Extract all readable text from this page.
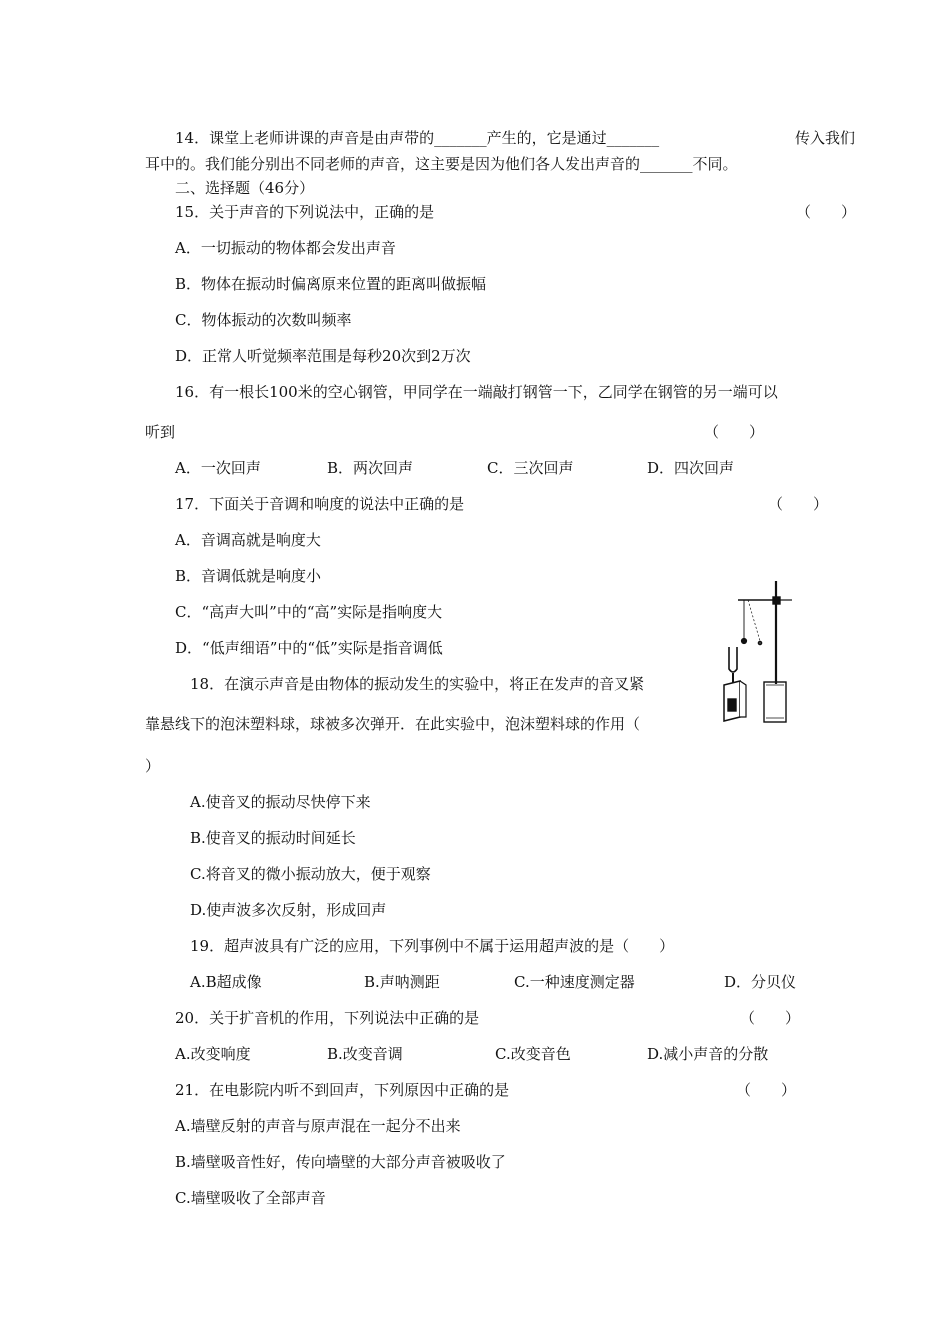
14．课堂上老师讲课的声音是由声带的_______产生的，它是通过_______	传入我们
耳中的。我们能分别出不同老师的声音，这主要是因为他们各人发出声音的_______不同。
二、选择题（46分）
15．关于声音的下列说法中，正确的是	（　　）
A．一切振动的物体都会发出声音
B．物体在振动时偏离原来位置的距离叫做振幅
C．物体振动的次数叫频率
D．正常人听觉频率范围是每秒20次到2万次
16．有一根长100米的空心钢管，甲同学在一端敲打钢管一下，乙同学在钢管的另一端可以
听到	（　　）
A．一次回声	B．两次回声	C．三次回声	D．四次回声
17．下面关于音调和响度的说法中正确的是	（　　）
A．音调高就是响度大
B．音调低就是响度小
C．“高声大叫”中的“高”实际是指响度大
D．“低声细语”中的“低”实际是指音调低
18．在演示声音是由物体的振动发生的实验中，将正在发声的音叉紧
靠悬线下的泡沫塑料球，球被多次弹开．在此实验中，泡沫塑料球的作用（
）
A.使音叉的振动尽快停下来
B.使音叉的振动时间延长
C.将音叉的微小振动放大，便于观察
D.使声波多次反射，形成回声
19．超声波具有广泛的应用，下列事例中不属于运用超声波的是（　　）
A.B超成像	B.声呐测距	C.一种速度测定器	D．分贝仪
20．关于扩音机的作用，下列说法中正确的是	（　　）
A.改变响度	B.改变音调	C.改变音色	D.减小声音的分散
21．在电影院内听不到回声，下列原因中正确的是	（　　）
A.墙壁反射的声音与原声混在一起分不出来
B.墙壁吸音性好，传向墙壁的大部分声音被吸收了
C.墙壁吸收了全部声音
